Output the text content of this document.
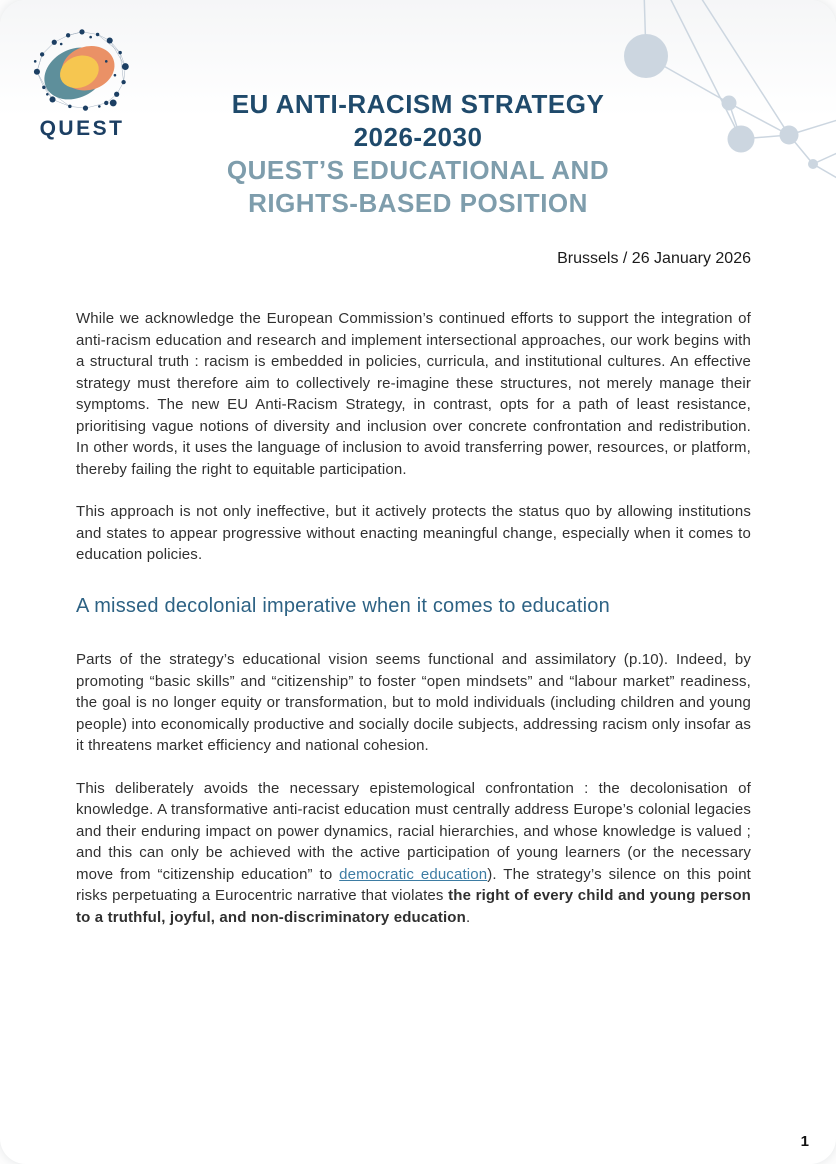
QUEST
EU ANTI-RACISM STRATEGY
2026-2030
QUEST’S EDUCATIONAL AND
RIGHTS-BASED POSITION
Brussels / 26 January 2026

While we acknowledge the European Commission’s continued efforts to support the integration of anti-racism education and research and implement intersectional approaches, our work begins with a structural truth : racism is embedded in policies, curricula, and institutional cultures. An effective strategy must therefore aim to collectively re-imagine these structures, not merely manage their symptoms. The new EU Anti-Racism Strategy, in contrast, opts for a path of least resistance, prioritising vague notions of diversity and inclusion over concrete confrontation and redistribution. In other words, it uses the language of inclusion to avoid transferring power, resources, or platform, thereby failing the right to equitable participation.

This approach is not only ineffective, but it actively protects the status quo by allowing institutions and states to appear progressive without enacting meaningful change, especially when it comes to education policies.

A missed decolonial imperative when it comes to education

Parts of the strategy’s educational vision seems functional and assimilatory (p.10). Indeed, by promoting “basic skills” and “citizenship” to foster “open mindsets” and “labour market” readiness, the goal is no longer equity or transformation, but to mold individuals (including children and young people) into economically productive and socially docile subjects, addressing racism only insofar as it threatens market efficiency and national cohesion.

This deliberately avoids the necessary epistemological confrontation : the decolonisation of knowledge. A transformative anti-racist education must centrally address Europe’s colonial legacies and their enduring impact on power dynamics, racial hierarchies, and whose knowledge is valued ; and this can only be achieved with the active participation of young learners (or the necessary move from “citizenship education” to democratic education). The strategy’s silence on this point risks perpetuating a Eurocentric narrative that violates the right of every child and young person to a truthful, joyful, and non-discriminatory education.

1
